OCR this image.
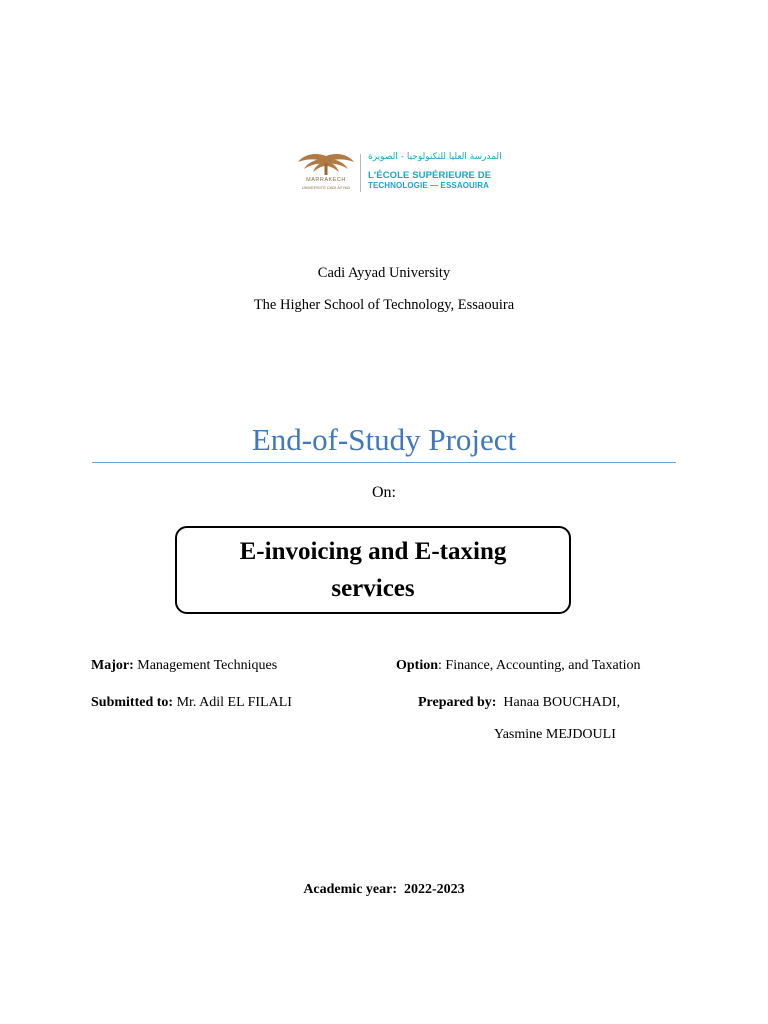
MARRAKECH
UNIVERSITÉ CADI AYYAD
المدرسة العليا للتكنولوجيا - الصويرة
L'ÉCOLE SUPÉRIEURE DE
TECHNOLOGIE — ESSAOUIRA
Cadi Ayyad University
The Higher School of Technology, Essaouira
End-of-Study Project
On:
E-invoicing and E-taxing services
Major: Management Techniques	Option: Finance, Accounting, and Taxation
Submitted to: Mr. Adil EL FILALI	Prepared by:  Hanaa BOUCHADI,
Yasmine MEJDOULI
Academic year:  2022-2023
